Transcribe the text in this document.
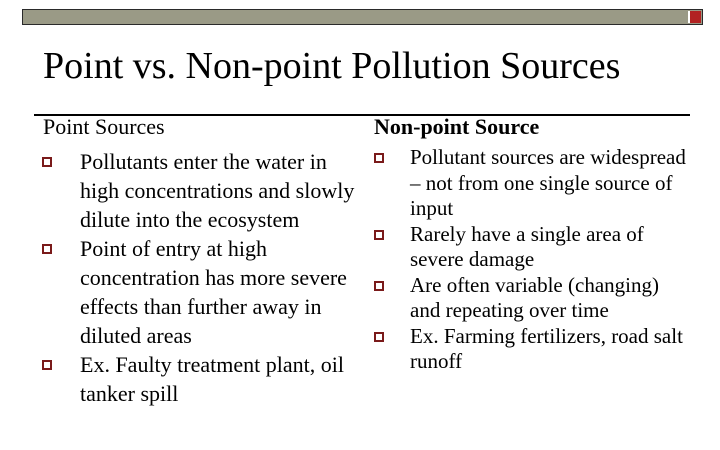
Point vs. Non-point Pollution Sources
Point Sources	Non-point Source
Pollutants enter the water in high concentrations and slowly dilute into the ecosystem
Point of entry at high concentration has more severe effects than further away in diluted areas
Ex. Faulty treatment plant, oil tanker spill
Pollutant sources are widespread – not from one single source of input
Rarely have a single area of severe damage
Are often variable (changing) and repeating over time
Ex. Farming fertilizers, road salt runoff
